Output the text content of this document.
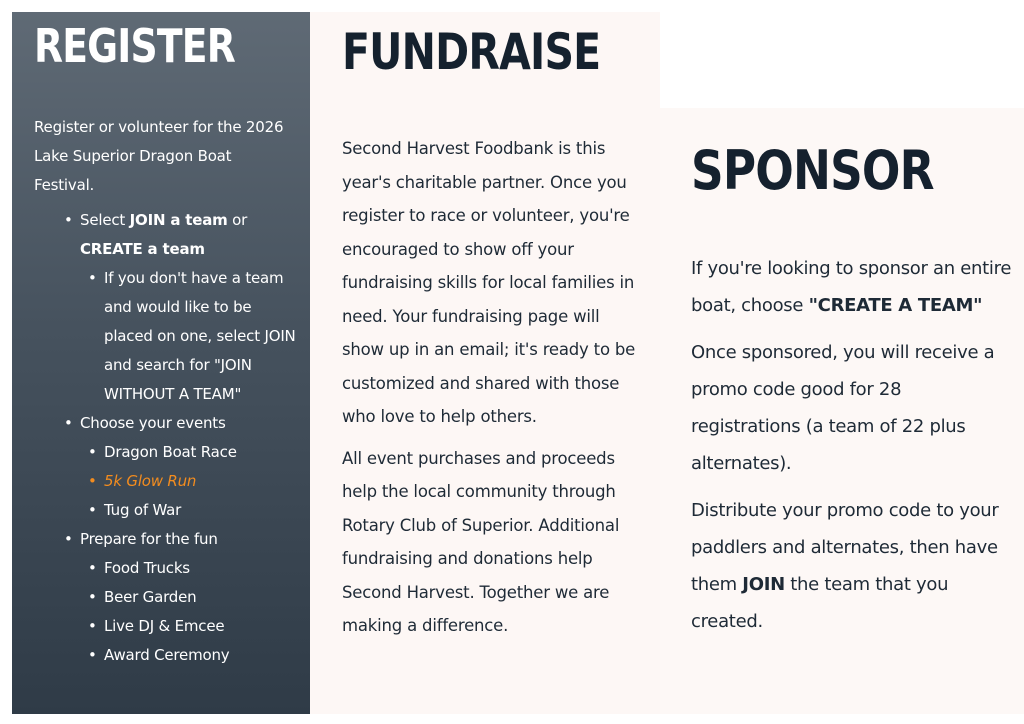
REGISTER

Register or volunteer for the 2026 Lake Superior Dragon Boat Festival.

• Select JOIN a team or CREATE a team
• If you don't have a team and would like to be placed on one, select JOIN and search for "JOIN WITHOUT A TEAM"
• Choose your events
• Dragon Boat Race
• 5k Glow Run
• Tug of War
• Prepare for the fun
• Food Trucks
• Beer Garden
• Live DJ & Emcee
• Award Ceremony
FUNDRAISE

Second Harvest Foodbank is this year's charitable partner. Once you register to race or volunteer, you're encouraged to show off your fundraising skills for local families in need. Your fundraising page will show up in an email; it's ready to be customized and shared with those who love to help others.

All event purchases and proceeds help the local community through Rotary Club of Superior. Additional fundraising and donations help Second Harvest. Together we are making a difference.

SPONSOR

If you're looking to sponsor an entire boat, choose "CREATE A TEAM"

Once sponsored, you will receive a promo code good for 28 registrations (a team of 22 plus alternates).

Distribute your promo code to your paddlers and alternates, then have them JOIN the team that you created.
